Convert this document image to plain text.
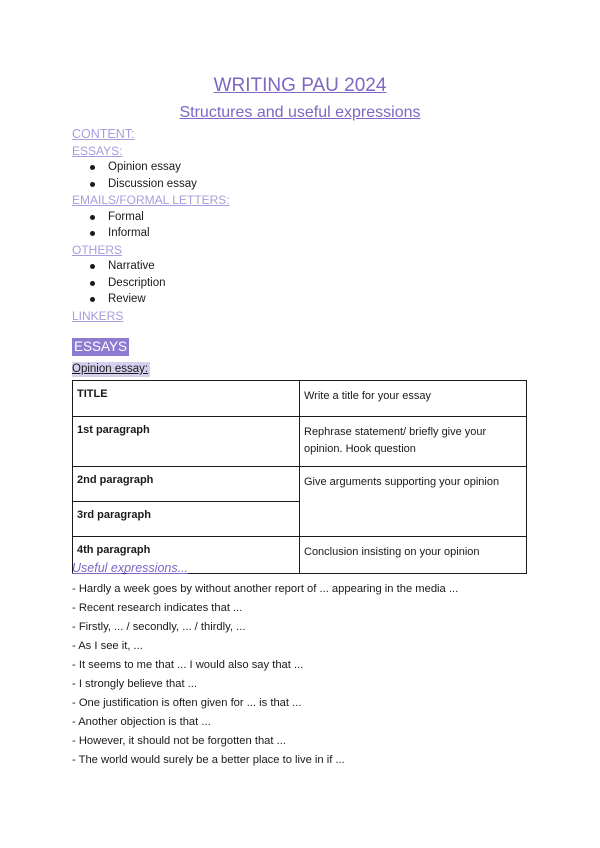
WRITING PAU 2024
Structures and useful expressions
CONTENT:
ESSAYS:
Opinion essay
Discussion essay
EMAILS/FORMAL LETTERS:
Formal
Informal
OTHERS
Narrative
Description
Review
LINKERS
ESSAYS
Opinion essay:
TITLE	Write a title for your essay
1st paragraph	Rephrase statement/ briefly give your opinion. Hook question
2nd paragraph	Give arguments supporting your opinion
3rd paragraph	
4th paragraph	Conclusion insisting on your opinion
Useful expressions...
- Hardly a week goes by without another report of ... appearing in the media ...
- Recent research indicates that ...
- Firstly, ... / secondly, ... / thirdly, ...
- As I see it, ...
- It seems to me that ... I would also say that ...
- I strongly believe that ...
- One justification is often given for ... is that ...
- Another objection is that ...
- However, it should not be forgotten that ...
- The world would surely be a better place to live in if ...
